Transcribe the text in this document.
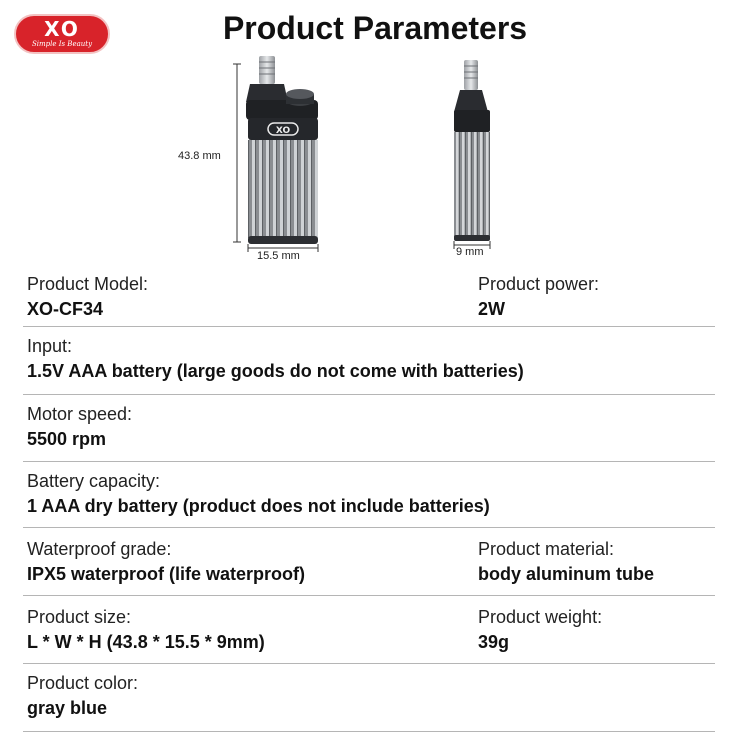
XO
Simple Is Beauty	Product Parameters
XO
43.8 mm
15.5 mm	9 mm
Product Model:
XO-CF34
Product power:
2W
Input:
1.5V AAA battery (large goods do not come with batteries)
Motor speed:
5500 rpm
Battery capacity:
1 AAA dry battery (product does not include batteries)
Waterproof grade:
IPX5 waterproof (life waterproof)
Product material:
body aluminum tube
Product size:
L * W * H (43.8 * 15.5 * 9mm)
Product weight:
39g
Product color:
gray blue
